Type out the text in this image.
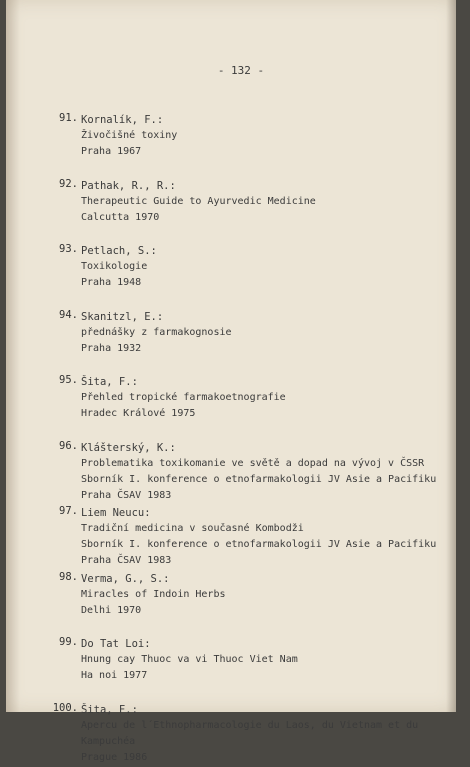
- 132 -
91. Kornalík, F.:
Živočišné toxiny
Praha 1967
92. Pathak, R., R.:
Therapeutic Guide to Ayurvedic Medicine
Calcutta 1970
93. Petlach, S.:
Toxikologie
Praha 1948
94. Skanitzl, E.:
přednášky z farmakognosie
Praha 1932
95. Šita, F.:
Přehled tropické farmakoetnografie
Hradec Králové 1975
96. Klášterský, K.:
Problematika toxikomanie ve světě a dopad na vývoj v ČSSR
Sborník I. konference o etnofarmakologii JV Asie a Pacifiku
Praha ČSAV 1983
97. Liem Neucu:
Tradiční medicina v současné Kombodži
Sborník I. konference o etnofarmakologii JV Asie a Pacifiku
Praha ČSAV 1983
98. Verma, G., S.:
Miracles of Indoin Herbs
Delhi 1970
99. Do Tat Loi:
Hnung cay Thuoc va vi Thuoc Viet Nam
Ha noi 1977
100. Šita, F.:
Apercu de l´Ethnopharmacologie du Laos, du Vietnam et du
Kampuchéa
Prague 1986
